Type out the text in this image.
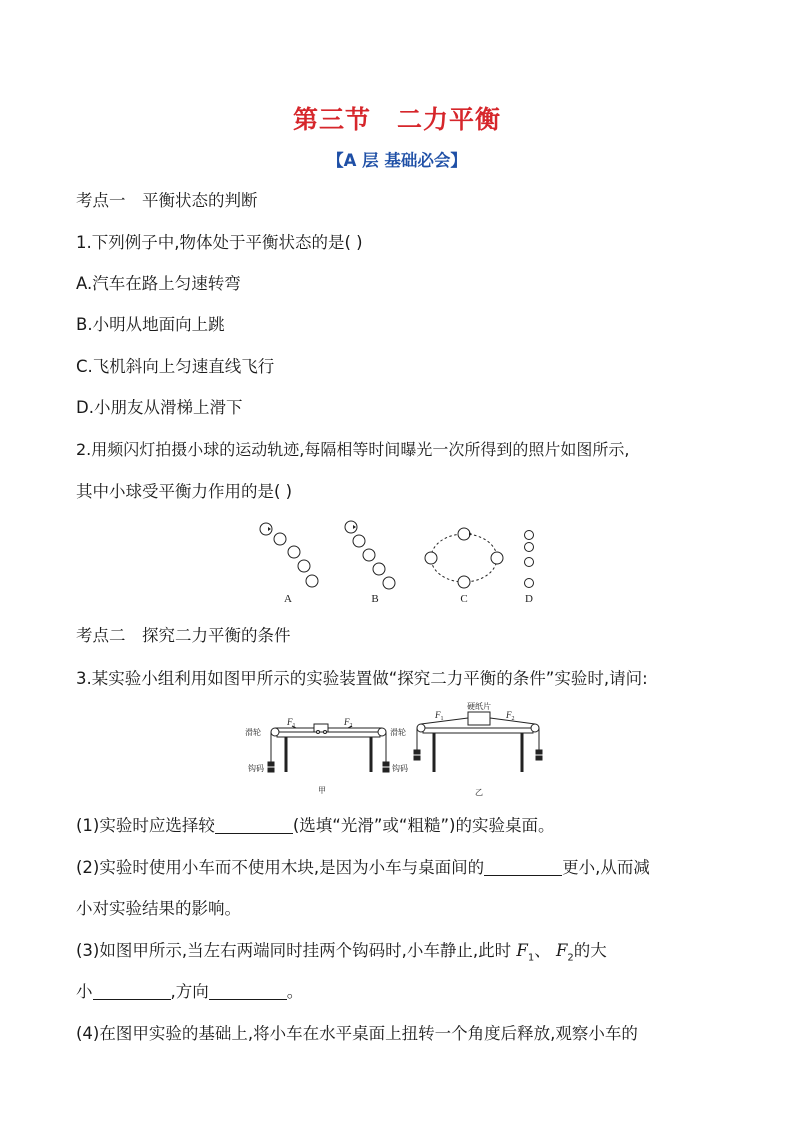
第三节　二力平衡
【A 层 基础必会】
考点一　平衡状态的判断
1.下列例子中,物体处于平衡状态的是( )
A.汽车在路上匀速转弯
B.小明从地面向上跳
C.飞机斜向上匀速直线飞行
D.小朋友从滑梯上滑下
2.用频闪灯拍摄小球的运动轨迹,每隔相等时间曝光一次所得到的照片如图所示,
其中小球受平衡力作用的是( )
A	B	C	D
考点二　探究二力平衡的条件
3.某实验小组利用如图甲所示的实验装置做“探究二力平衡的条件”实验时,请问:
滑轮	滑轮
钩码	钩码
$F_1$	$F_2$
甲
硬纸片
$F_1$	$F_2$
乙
(1)实验时应选择较	(选填“光滑”或“粗糙”)的实验桌面。
(2)实验时使用小车而不使用木块,是因为小车与桌面间的	更小,从而减
小对实验结果的影响。
(3)如图甲所示,当左右两端同时挂两个钩码时,小车静止,此时 $F_1$、 $F_2$的大
小	,方向	。
(4)在图甲实验的基础上,将小车在水平桌面上扭转一个角度后释放,观察小车的
